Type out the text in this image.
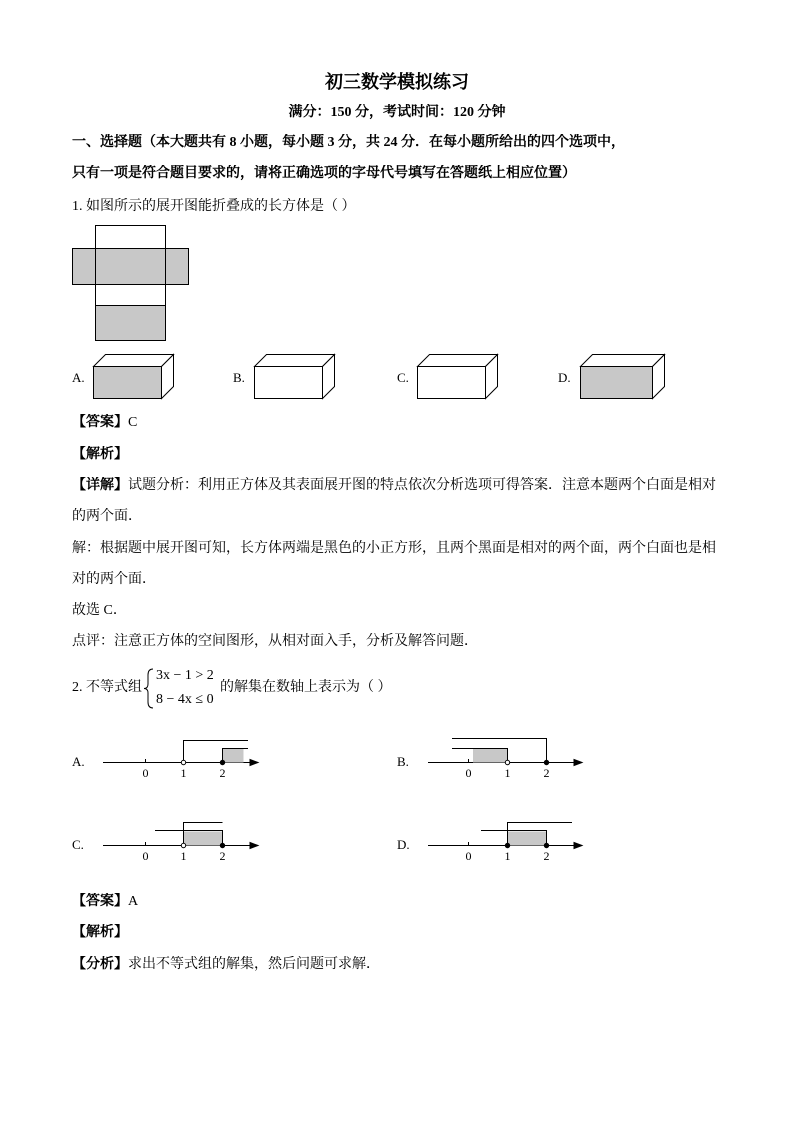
初三数学模拟练习
满分：150 分，考试时间：120 分钟
一、选择题（本大题共有 8 小题，每小题 3 分，共 24 分．在每小题所给出的四个选项中，
只有一项是符合题目要求的，请将正确选项的字母代号填写在答题纸上相应位置）
1. 如图所示的展开图能折叠成的长方体是（ ）
A.	B.	C.	D.
【答案】C
【解析】
【详解】试题分析：利用正方体及其表面展开图的特点依次分析选项可得答案．注意本题两个白面是相对
的两个面．
解：根据题中展开图可知，长方体两端是黑色的小正方形，且两个黑面是相对的两个面，两个白面也是相
对的两个面．
故选 C．
点评：注意正方体的空间图形，从相对面入手，分析及解答问题．
2. 不等式组
3x − 1 > 2
8 − 4x ≤ 0
的解集在数轴上表示为（ ）
A.	B.
C.	D.
【答案】A
【解析】
【分析】求出不等式组的解集，然后问题可求解．
0	1	2	0	1	2
0	1	2	0	1	2
